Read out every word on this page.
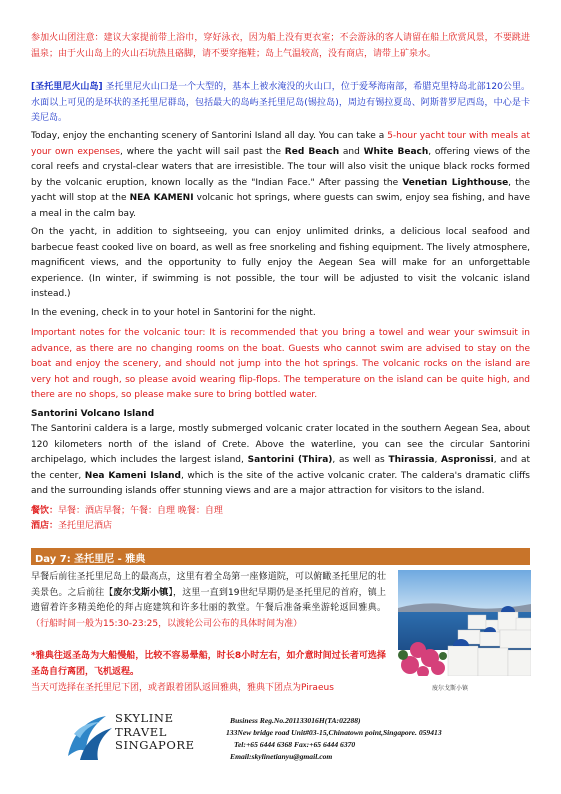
参加火山团注意：建议大家提前带上浴巾，穿好泳衣，因为船上没有更衣室；不会游泳的客人请留在船上欣赏风景，不要跳进温泉；由于火山岛上的火山石坑热且硌脚，请不要穿拖鞋；岛上气温较高，没有商店，请带上矿泉水。

[圣托里尼火山岛] 圣托里尼火山口是一个大型的，基本上被水淹没的火山口，位于爱琴海南部，希腊克里特岛北部120公里。水面以上可见的是环状的圣托里尼群岛，包括最大的岛屿圣托里尼岛(锡拉岛)，周边有锡拉夏岛、阿斯普罗尼西岛，中心是卡美尼岛。

Today, enjoy the enchanting scenery of Santorini Island all day. You can take a 5-hour yacht tour with meals at your own expenses, where the yacht will sail past the Red Beach and White Beach, offering views of the coral reefs and crystal-clear waters that are irresistible. The tour will also visit the unique black rocks formed by the volcanic eruption, known locally as the "Indian Face." After passing the Venetian Lighthouse, the yacht will stop at the NEA KAMENI volcanic hot springs, where guests can swim, enjoy sea fishing, and have a meal in the calm bay.

On the yacht, in addition to sightseeing, you can enjoy unlimited drinks, a delicious local seafood and barbecue feast cooked live on board, as well as free snorkeling and fishing equipment. The lively atmosphere, magnificent views, and the opportunity to fully enjoy the Aegean Sea will make for an unforgettable experience. (In winter, if swimming is not possible, the tour will be adjusted to visit the volcanic island instead.)

In the evening, check in to your hotel in Santorini for the night.

Important notes for the volcanic tour: It is recommended that you bring a towel and wear your swimsuit in advance, as there are no changing rooms on the boat. Guests who cannot swim are advised to stay on the boat and enjoy the scenery, and should not jump into the hot springs. The volcanic rocks on the island are very hot and rough, so please avoid wearing flip-flops. The temperature on the island can be quite high, and there are no shops, so please make sure to bring bottled water.

Santorini Volcano Island

The Santorini caldera is a large, mostly submerged volcanic crater located in the southern Aegean Sea, about 120 kilometers north of the island of Crete. Above the waterline, you can see the circular Santorini archipelago, which includes the largest island, Santorini (Thira), as well as Thirassia, Aspronissi, and at the center, Nea Kameni Island, which is the site of the active volcanic crater. The caldera's dramatic cliffs and the surrounding islands offer stunning views and are a major attraction for visitors to the island.

餐饮：早餐：酒店早餐；午餐：自理 晚餐：自理

酒店：圣托里尼酒店

Day 7: 圣托里尼 - 雅典

早餐后前往圣托里尼岛上的最高点，这里有着全岛第一座修道院，可以俯瞰圣托里尼的壮美景色。之后前往【废尔戈斯小镇】，这里一直到19世纪早期仍是圣托里尼的首府，镇上遗留着许多精美绝伦的拜占庭建筑和许多壮丽的教堂。午餐后准备乘坐游轮返回雅典。（行船时间一般为15:30-23:25，以渡轮公司公布的具体时间为准）

*雅典往返圣岛为大船慢船，比较不容易晕船，时长8小时左右，如介意时间过长者可选择圣岛自行离团，飞机返程。

当天可选择在圣托里尼下团，或者跟着团队返回雅典，雅典下团点为Piraeus	废尔戈斯小镇
SKYLINE
TRAVEL
SINGAPORE
Business Reg.No.201133016H(TA:02288)
133New bridge road Unit#03-15,Chinatown point,Singapore. 059413
Tel:+65 6444 6368 Fax:+65 6444 6370
Email:skylinetianyu@gmail.com
